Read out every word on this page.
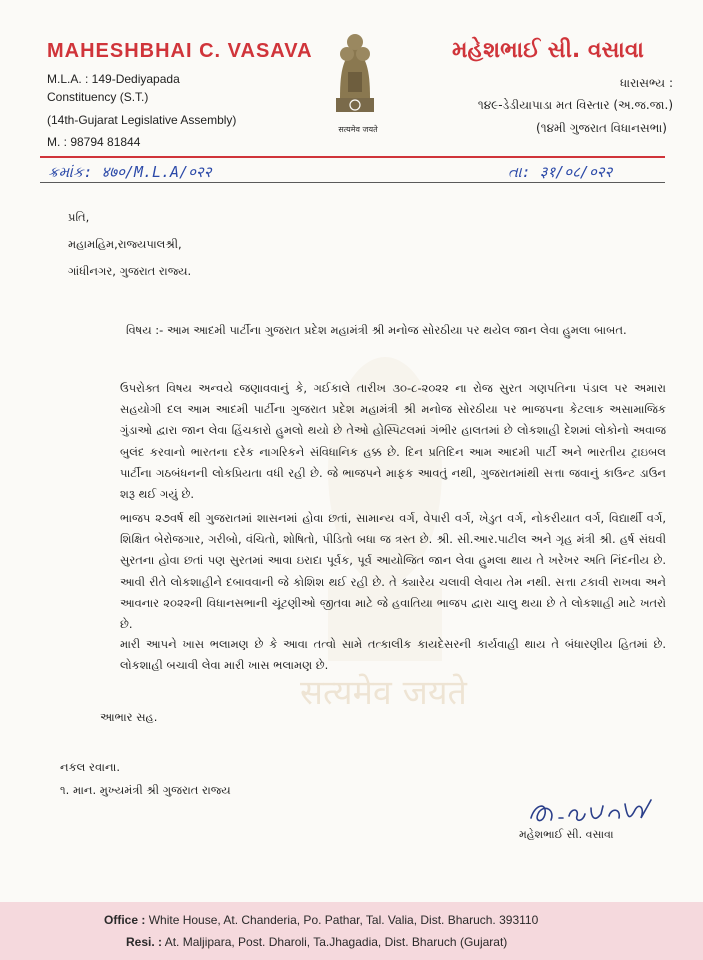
सत्यमेव जयते
MAHESHBHAI C. VASAVA
M.L.A. : 149-Dediyapada
Constituency (S.T.)
(14th-Gujarat Legislative Assembly)
M. : 98794 81844
सत्यमेव जयते
મહેશભાઈ સી. વસાવા
ધારાસભ્ય :
૧૪૯-ડેડીયાપાડા મત વિસ્તાર (અ.જ.જા.)
(૧૪મી ગુજરાત વિધાનસભા)
ક્રમાંક: ४७०/M.L.A/०२२	તા: ३१/०८/०२२
પ્રતિ,
મહામહિમ,રાજ્યપાલશ્રી,
ગાંધીનગર, ગુજરાત રાજ્ય.
વિષય :- આમ આદમી પાર્ટીના ગુજરાત પ્રદેશ મહામંત્રી શ્રી મનોજ સોરઠીયા પર થયેલ જાન લેવા હુમલા બાબત.
ઉપરોક્ત વિષય અન્વયે જણાવવાનું કે, ગઈકાલે તારીખ ૩૦-૮-૨૦૨૨ ના રોજ સુરત ગણપતિના પંડાલ પર અમારા સહયોગી દલ આમ આદમી પાર્ટીના ગુજરાત પ્રદેશ મહામંત્રી શ્રી મનોજ સોરઠીયા પર ભાજપના કેટલાક અસામાજિક ગુંડાઓ દ્વારા જાન લેવા હિંચકારો હુમલો થયો છે તેઓ હોસ્પિટલમાં ગંભીર હાલતમાં છે લોકશાહી દેશમાં લોકોનો અવાજ બુલંદ કરવાનો ભારતના દરેક નાગરિકને સંવિધાનિક હક્ક છે. દિન પ્રતિદિન આમ આદમી પાર્ટી અને ભારતીય ટ્રાઇબલ પાર્ટીના ગઠબંધનની લોકપ્રિયતા વધી રહી છે. જે ભાજપને માફક આવતું નથી, ગુજરાતમાંથી સત્તા જવાનું કાઉન્ટ ડાઉન શરૂ થઈ ગયું છે.
ભાજપ ૨૭વર્ષ થી ગુજરાતમાં શાસનમાં હોવા છતાં, સામાન્ય વર્ગ, વેપારી વર્ગ, ખેડુત વર્ગ, નોકરીયાત વર્ગ, વિદ્યાર્થી વર્ગ, શિક્ષિત બેરોજગાર, ગરીબો, વંચિતો, શોષિતો, પીડિતો બધા જ ત્રસ્ત છે. શ્રી. સી.આર.પાટીલ અને ગૃહ મંત્રી શ્રી. હર્ષ સંઘવી સુરતના હોવા છતાં પણ સુરતમાં આવા ઇરાદા પૂર્વક, પૂર્વ આયોજિત જાન લેવા હુમલા થાય તે ખરેખર અતિ નિંદનીય છે. આવી રીતે લોકશાહીને દબાવવાની જે કોશિશ થઈ રહી છે. તે ક્યારેય ચલાવી લેવાય તેમ નથી. સત્તા ટકાવી રાખવા અને આવનાર ૨૦૨૨ની વિધાનસભાની ચૂંટણીઓ જીતવા માટે જે હવાતિયા ભાજપ દ્વારા ચાલુ થયા છે તે લોકશાહી માટે ખતરો છે.
મારી આપને ખાસ ભલામણ છે કે આવા તત્વો સામે તત્કાલીક કાયદેસરની કાર્યવાહી થાય તે બંધારણીય હિતમાં છે. લોકશાહી બચાવી લેવા મારી ખાસ ભલામણ છે.
આભાર સહ.
નકલ રવાના.
૧. માન. મુખ્યમંત્રી શ્રી ગુજરાત રાજ્ય
મહેશભાઈ સી. વસાવા
Office : White House, At. Chanderia, Po. Pathar, Tal. Valia, Dist. Bharuch. 393110
Resi. : At. Maljipara, Post. Dharoli, Ta.Jhagadia, Dist. Bharuch (Gujarat)
